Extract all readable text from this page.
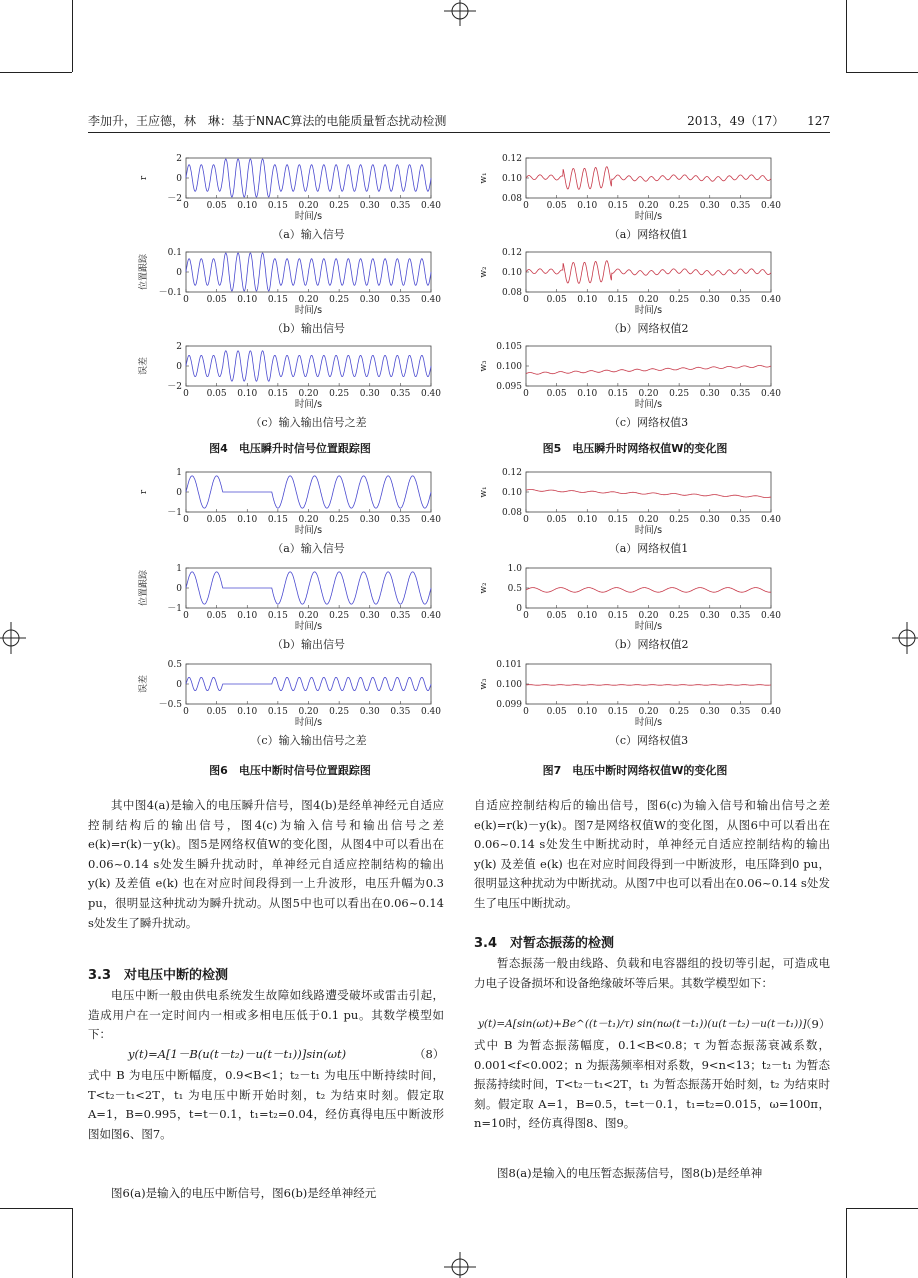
李加升，王应德，林　琳：基于NNAC算法的电能质量暂态扰动检测	2013，49（17） 127
2
0
－2
r
0 0.05 0.10 0.15 0.20 0.25 0.30 0.35 0.40
时间/s
（a）输入信号
0.1
0
－0.1
位置跟踪
0 0.05 0.10 0.15 0.20 0.25 0.30 0.35 0.40
时间/s
（b）输出信号
2
0
－2
误差
0 0.05 0.10 0.15 0.20 0.25 0.30 0.35 0.40
时间/s
（c）输入输出信号之差
0.12
0.10
0.08
w₁
0 0.05 0.10 0.15 0.20 0.25 0.30 0.35 0.40
时间/s
（a）网络权值1
0.12
0.10
0.08
w₂
0 0.05 0.10 0.15 0.20 0.25 0.30 0.35 0.40
时间/s
（b）网络权值2
0.105
0.100
0.095
w₃
0 0.05 0.10 0.15 0.20 0.25 0.30 0.35 0.40
时间/s
（c）网络权值3
1
0
－1
r
0 0.05 0.10 0.15 0.20 0.25 0.30 0.35 0.40
时间/s
（a）输入信号
1
0
－1
位置跟踪
0 0.05 0.10 0.15 0.20 0.25 0.30 0.35 0.40
时间/s
（b）输出信号
0.5
0
－0.5
误差
0 0.05 0.10 0.15 0.20 0.25 0.30 0.35 0.40
时间/s
（c）输入输出信号之差
0.12
0.10
0.08
w₁
0 0.05 0.10 0.15 0.20 0.25 0.30 0.35 0.40
时间/s
（a）网络权值1
1.0
0.5
0
w₂
0 0.05 0.10 0.15 0.20 0.25 0.30 0.35 0.40
时间/s
（b）网络权值2
0.101
0.100
0.099
w₃
0 0.05 0.10 0.15 0.20 0.25 0.30 0.35 0.40
时间/s
（c）网络权值3
图4　电压瞬升时信号位置跟踪图	图5　电压瞬升时网络权值W的变化图
图6　电压中断时信号位置跟踪图	图7　电压中断时网络权值W的变化图

其中图4(a)是输入的电压瞬升信号，图4(b)是经单神经元自适应控制结构后的输出信号，图4(c)为输入信号和输出信号之差 e(k)=r(k)－y(k)。图5是网络权值W的变化图，从图4中可以看出在0.06~0.14 s处发生瞬升扰动时，单神经元自适应控制结构的输出 y(k) 及差值 e(k) 也在对应时间段得到一上升波形，电压升幅为0.3 pu，很明显这种扰动为瞬升扰动。从图5中也可以看出在0.06~0.14 s处发生了瞬升扰动。

3.3　对电压中断的检测

电压中断一般由供电系统发生故障如线路遭受破坏或雷击引起，造成用户在一定时间内一相或多相电压低于0.1 pu。其数学模型如下：

y(t)=A[1－B(u(t－t₂)－u(t－t₁))]sin(ωt)	（8）

式中 B 为电压中断幅度，0.9<B<1；t₂－t₁ 为电压中断持续时间，T<t₂－t₁<2T，t₁ 为电压中断开始时刻，t₂ 为结束时刻。假定取 A=1，B=0.995，t=t－0.1，t₁=t₂=0.04，经仿真得电压中断波形图如图6、图7。

图6(a)是输入的电压中断信号，图6(b)是经单神经元

自适应控制结构后的输出信号，图6(c)为输入信号和输出信号之差 e(k)=r(k)－y(k)。图7是网络权值W的变化图，从图6中可以看出在0.06~0.14 s处发生中断扰动时，单神经元自适应控制结构的输出 y(k) 及差值 e(k) 也在对应时间段得到一中断波形，电压降到0 pu，很明显这种扰动为中断扰动。从图7中也可以看出在0.06~0.14 s处发生了电压中断扰动。

3.4　对暂态振荡的检测

暂态振荡一般由线路、负载和电容器组的投切等引起，可造成电力电子设备损坏和设备绝缘破坏等后果。其数学模型如下：

y(t)=A[sin(ωt)+Be^((t－t₁)/τ) sin(nω(t－t₁))(u(t－t₂)－u(t－t₁))]
（9）

式中 B 为暂态振荡幅度，0.1<B<0.8；τ 为暂态振荡衰减系数，0.001<f<0.002；n 为振荡频率相对系数，9<n<13；t₂－t₁ 为暂态振荡持续时间，T<t₂－t₁<2T，t₁ 为暂态振荡开始时刻，t₂ 为结束时刻。假定取 A=1，B=0.5，t=t－0.1，t₁=t₂=0.015，ω=100π，n=10时，经仿真得图8、图9。

图8(a)是输入的电压暂态振荡信号，图8(b)是经单神
